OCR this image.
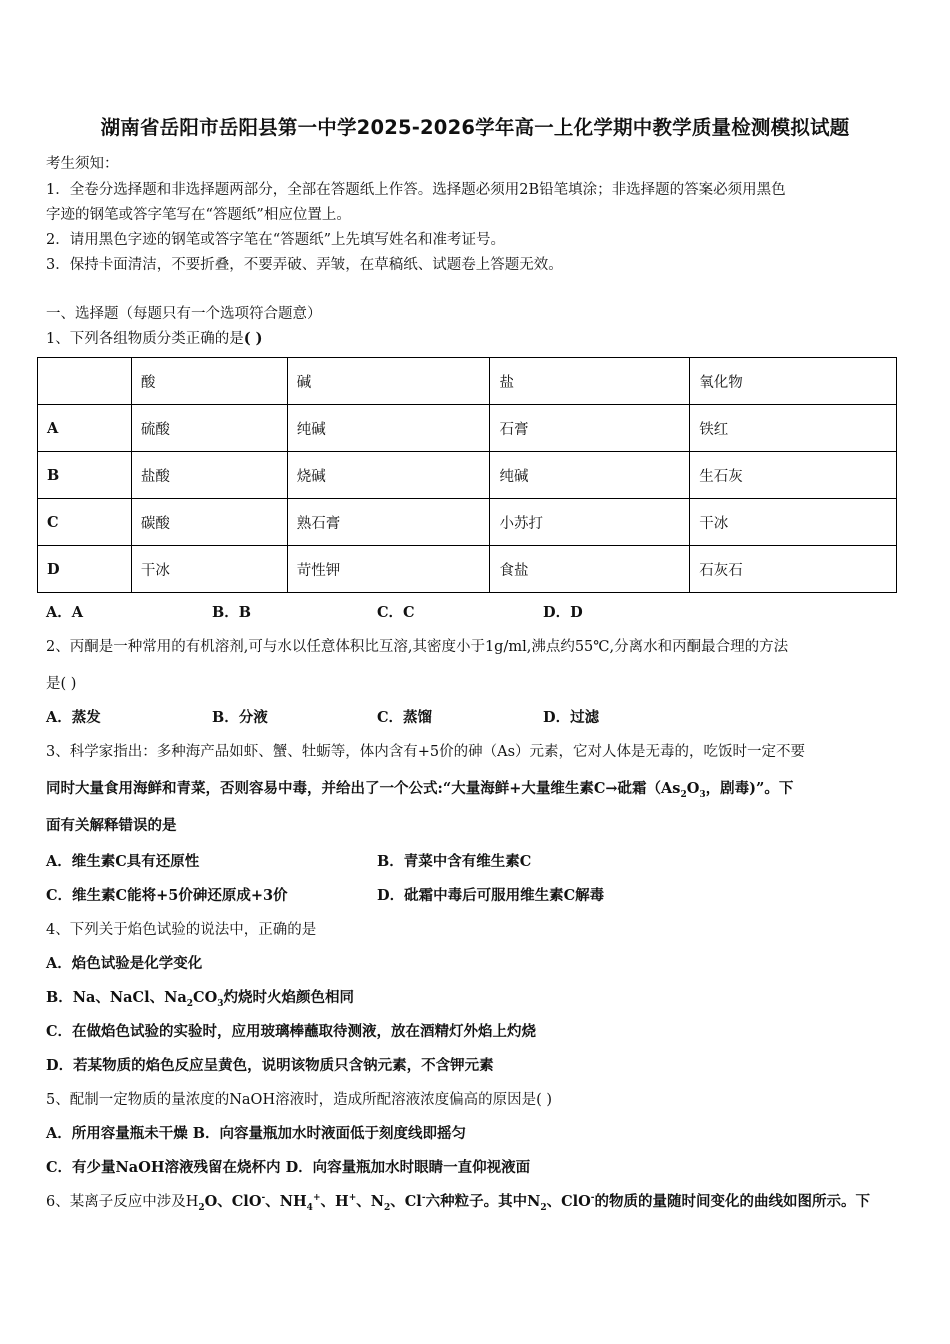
湖南省岳阳市岳阳县第一中学2025-2026学年高一上化学期中教学质量检测模拟试题
考生须知：
1．全卷分选择题和非选择题两部分，全部在答题纸上作答。选择题必须用2B铅笔填涂；非选择题的答案必须用黑色
字迹的钢笔或答字笔写在“答题纸”相应位置上。
2．请用黑色字迹的钢笔或答字笔在“答题纸”上先填写姓名和准考证号。
3．保持卡面清洁，不要折叠，不要弄破、弄皱，在草稿纸、试题卷上答题无效。
一、选择题（每题只有一个选项符合题意）
1、下列各组物质分类正确的是( )
	酸	碱	盐	氧化物
A	硫酸	纯碱	石膏	铁红
B	盐酸	烧碱	纯碱	生石灰
C	碳酸	熟石膏	小苏打	干冰
D	干冰	苛性钾	食盐	石灰石
A．A	B．B	C．C	D．D
2、丙酮是一种常用的有机溶剂,可与水以任意体积比互溶,其密度小于1g/ml,沸点约55℃,分离水和丙酮最合理的方法
是( )
A．蒸发	B．分液	C．蒸馏	D．过滤
3、科学家指出：多种海产品如虾、蟹、牡蛎等，体内含有+5价的砷（As）元素，它对人体是无毒的，吃饭时一定不要
同时大量食用海鲜和青菜，否则容易中毒，并给出了一个公式:“大量海鲜+大量维生素C→砒霜（$As_2O_3$，剧毒)”。下
面有关解释错误的是
A．维生素C具有还原性	B．青菜中含有维生素C
C．维生素C能将+5价砷还原成+3价	D．砒霜中毒后可服用维生素C解毒
4、下列关于焰色试验的说法中，正确的是
A．焰色试验是化学变化
B．Na、NaCl、$Na_2CO_3$灼烧时火焰颜色相同
C．在做焰色试验的实验时，应用玻璃棒蘸取待测液，放在酒精灯外焰上灼烧
D．若某物质的焰色反应呈黄色，说明该物质只含钠元素，不含钾元素
5、配制一定物质的量浓度的NaOH溶液时，造成所配溶液浓度偏高的原因是( )
A．所用容量瓶未干燥 B．向容量瓶加水时液面低于刻度线即摇匀
C．有少量NaOH溶液残留在烧杯内 D．向容量瓶加水时眼睛一直仰视液面
6、某离子反应中涉及$H_2O$、ClO-、$NH_4^+$、H+、$N_2$、Cl-六种粒子。其中$N_2$、ClO-的物质的量随时间变化的曲线如图所示。下
